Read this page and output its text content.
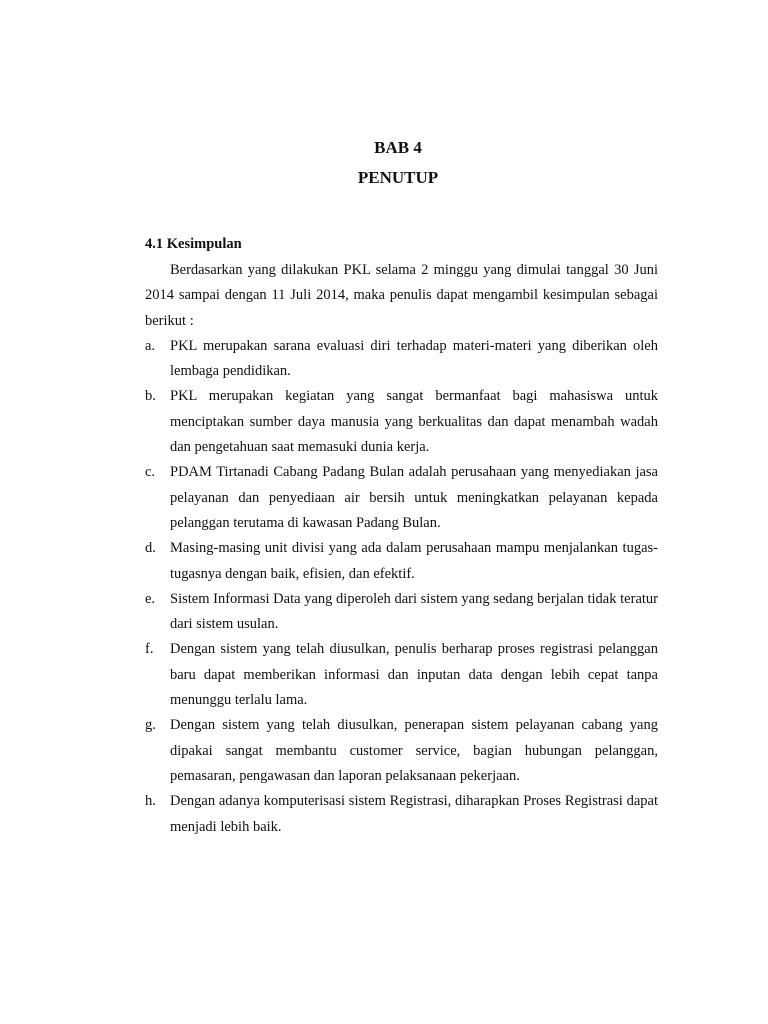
BAB 4
PENUTUP
4.1 Kesimpulan

Berdasarkan yang dilakukan PKL selama 2 minggu yang dimulai tanggal 30 Juni 2014 sampai dengan 11 Juli 2014, maka penulis dapat mengambil kesimpulan sebagai berikut :

a. PKL merupakan sarana evaluasi diri terhadap materi-materi yang diberikan oleh lembaga pendidikan.
b. PKL merupakan kegiatan yang sangat bermanfaat bagi mahasiswa untuk menciptakan sumber daya manusia yang berkualitas dan dapat menambah wadah dan pengetahuan saat memasuki dunia kerja.
c. PDAM Tirtanadi Cabang Padang Bulan adalah perusahaan yang menyediakan jasa pelayanan dan penyediaan air bersih untuk meningkatkan pelayanan kepada pelanggan terutama di kawasan Padang Bulan.
d. Masing-masing unit divisi yang ada dalam perusahaan mampu menjalankan tugas-tugasnya dengan baik, efisien, dan efektif.
e. Sistem Informasi Data yang diperoleh dari sistem yang sedang berjalan tidak teratur dari sistem usulan.
f. Dengan sistem yang telah diusulkan, penulis berharap proses registrasi pelanggan baru dapat memberikan informasi dan inputan data dengan lebih cepat tanpa menunggu terlalu lama.
g. Dengan sistem yang telah diusulkan, penerapan sistem pelayanan cabang yang dipakai sangat membantu customer service, bagian hubungan pelanggan, pemasaran, pengawasan dan laporan pelaksanaan pekerjaan.
h. Dengan adanya komputerisasi sistem Registrasi, diharapkan Proses Registrasi dapat menjadi lebih baik.
